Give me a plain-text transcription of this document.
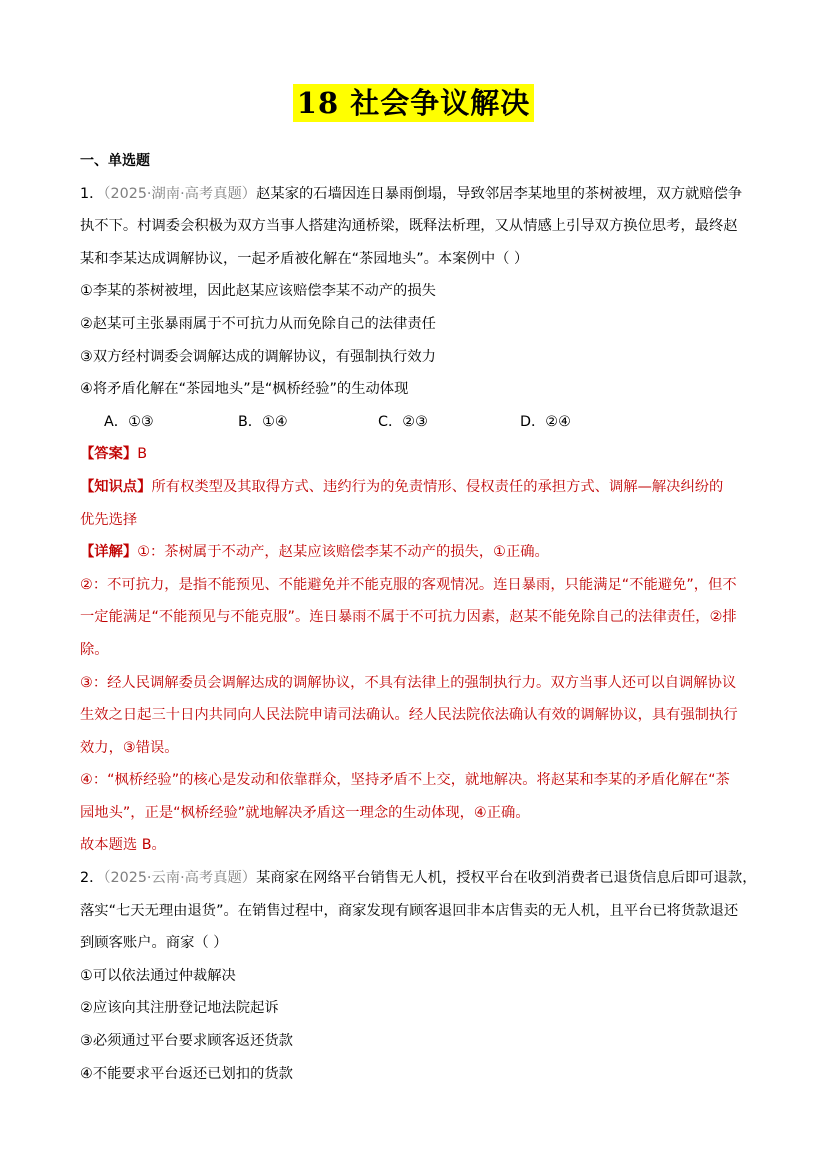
18 社会争议解决

一、单选题

1．（2025·湖南·高考真题）赵某家的石墙因连日暴雨倒塌，导致邻居李某地里的茶树被埋，双方就赔偿争

执不下。村调委会积极为双方当事人搭建沟通桥梁，既释法析理，又从情感上引导双方换位思考，最终赵

某和李某达成调解协议，一起矛盾被化解在“茶园地头”。本案例中（ ）

①李某的茶树被埋，因此赵某应该赔偿李某不动产的损失

②赵某可主张暴雨属于不可抗力从而免除自己的法律责任

③双方经村调委会调解达成的调解协议，有强制执行效力

④将矛盾化解在“茶园地头”是“枫桥经验”的生动体现

A．①③	B．①④	C．②③	D．②④

【答案】B

【知识点】所有权类型及其取得方式、违约行为的免责情形、侵权责任的承担方式、调解—解决纠纷的

优先选择

【详解】①：茶树属于不动产，赵某应该赔偿李某不动产的损失，①正确。

②：不可抗力，是指不能预见、不能避免并不能克服的客观情况。连日暴雨，只能满足“不能避免”，但不

一定能满足“不能预见与不能克服”。连日暴雨不属于不可抗力因素，赵某不能免除自己的法律责任，②排

除。

③：经人民调解委员会调解达成的调解协议，不具有法律上的强制执行力。双方当事人还可以自调解协议

生效之日起三十日内共同向人民法院申请司法确认。经人民法院依法确认有效的调解协议，具有强制执行

效力，③错误。

④：“枫桥经验”的核心是发动和依靠群众，坚持矛盾不上交，就地解决。将赵某和李某的矛盾化解在“茶

园地头”，正是“枫桥经验”就地解决矛盾这一理念的生动体现，④正确。

故本题选 B。

2．（2025·云南·高考真题）某商家在网络平台销售无人机，授权平台在收到消费者已退货信息后即可退款，

落实“七天无理由退货”。在销售过程中，商家发现有顾客退回非本店售卖的无人机，且平台已将货款退还

到顾客账户。商家（ ）

①可以依法通过仲裁解决

②应该向其注册登记地法院起诉

③必须通过平台要求顾客返还货款

④不能要求平台返还已划扣的货款
